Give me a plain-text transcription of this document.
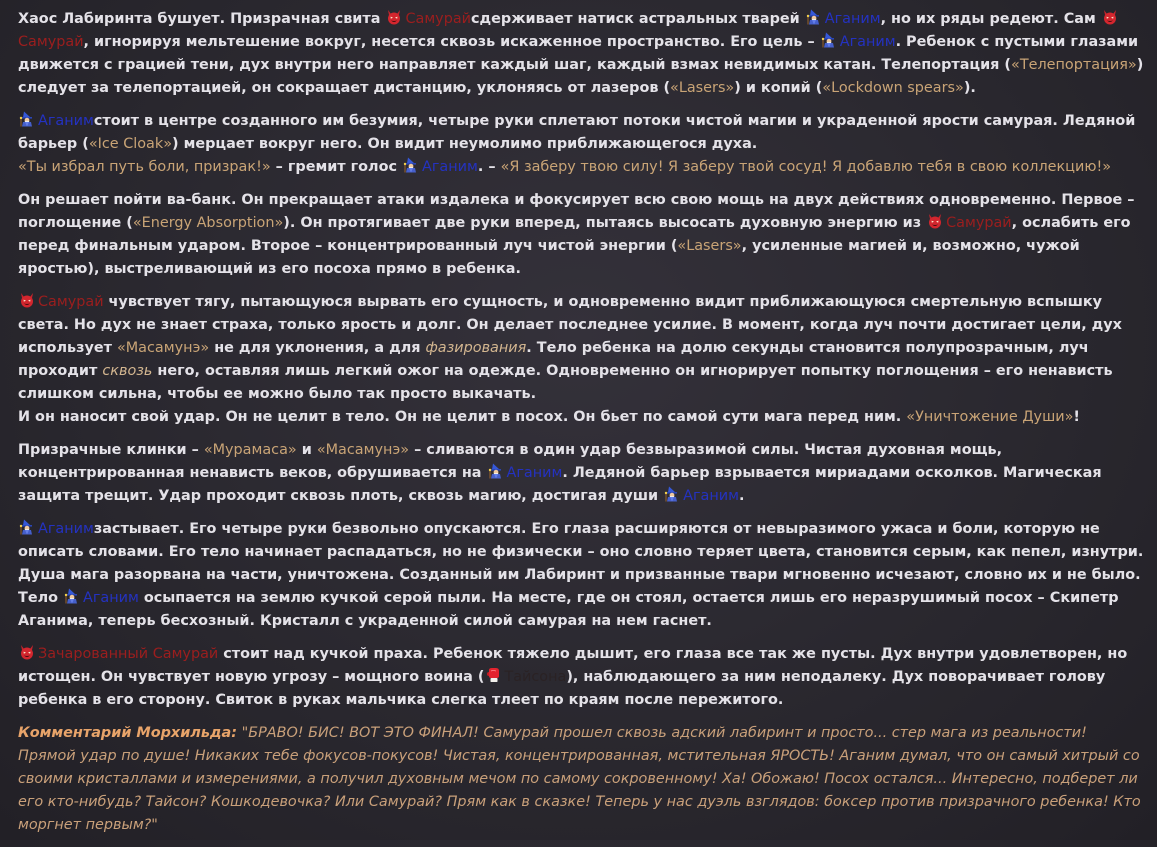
Хаос Лабиринта бушует. Призрачная свита
Самурайсдерживает натиск астральных тварей
Аганим, но их ряды редеют. Сам
Самурай, игнорируя мельтешение вокруг, несется сквозь искаженное пространство. Его цель –
Аганим. Ребенок с пустыми глазами движется с грацией тени, дух внутри него направляет каждый шаг, каждый взмах невидимых катан. Телепортация («Телепортация») следует за телепортацией, он сокращает дистанцию, уклоняясь от лазеров («Lasers») и копий («Lockdown spears»).

Аганимстоит в центре созданного им безумия, четыре руки сплетают потоки чистой магии и украденной ярости самурая. Ледяной барьер («Ice Cloak») мерцает вокруг него. Он видит неумолимо приближающегося духа.

«Ты избрал путь боли, призрак!» – гремит голос
Аганим. – «Я заберу твою силу! Я заберу твой сосуд! Я добавлю тебя в свою коллекцию!»

Он решает пойти ва-банк. Он прекращает атаки издалека и фокусирует всю свою мощь на двух действиях одновременно. Первое – поглощение («Energy Absorption»). Он протягивает две руки вперед, пытаясь высосать духовную энергию из
Самурай, ослабить его перед финальным ударом. Второе – концентрированный луч чистой энергии («Lasers», усиленные магией и, возможно, чужой яростью), выстреливающий из его посоха прямо в ребенка.

Самурай чувствует тягу, пытающуюся вырвать его сущность, и одновременно видит приближающуюся смертельную вспышку света. Но дух не знает страха, только ярость и долг. Он делает последнее усилие. В момент, когда луч почти достигает цели, дух использует «Масамунэ» не для уклонения, а для фазирования. Тело ребенка на долю секунды становится полупрозрачным, луч проходит сквозь него, оставляя лишь легкий ожог на одежде. Одновременно он игнорирует попытку поглощения – его ненависть слишком сильна, чтобы ее можно было так просто выкачать.

И он наносит свой удар. Он не целит в тело. Он не целит в посох. Он бьет по самой сути мага перед ним. «Уничтожение Души»!

Призрачные клинки – «Мурамаса» и «Масамунэ» – сливаются в один удар безвыразимой силы. Чистая духовная мощь, концентрированная ненависть веков, обрушивается на
Аганим. Ледяной барьер взрывается мириадами осколков. Магическая защита трещит. Удар проходит сквозь плоть, сквозь магию, достигая души
Аганим.

Аганимзастывает. Его четыре руки безвольно опускаются. Его глаза расширяются от невыразимого ужаса и боли, которую не описать словами. Его тело начинает распадаться, но не физически – оно словно теряет цвета, становится серым, как пепел, изнутри. Душа мага разорвана на части, уничтожена. Созданный им Лабиринт и призванные твари мгновенно исчезают, словно их и не было. Тело
Аганим осыпается на землю кучкой серой пыли. На месте, где он стоял, остается лишь его неразрушимый посох – Скипетр Аганима, теперь бесхозный. Кристалл с украденной силой самурая на нем гаснет.

Зачарованный Самурай стоит над кучкой праха. Ребенок тяжело дышит, его глаза все так же пусты. Дух внутри удовлетворен, но истощен. Он чувствует новую угрозу – мощного воина ( Тайсона), наблюдающего за ним неподалеку. Дух поворачивает голову ребенка в его сторону. Свиток в руках мальчика слегка тлеет по краям после пережитого.

Комментарий Морхильда: "БРАВО! БИС! ВОТ ЭТО ФИНАЛ! Самурай прошел сквозь адский лабиринт и просто... стер мага из реальности! Прямой удар по душе! Никаких тебе фокусов-покусов! Чистая, концентрированная, мстительная ЯРОСТЬ! Аганим думал, что он самый хитрый со своими кристаллами и измерениями, а получил духовным мечом по самому сокровенному! Ха! Обожаю! Посох остался... Интересно, подберет ли его кто-нибудь? Тайсон? Кошкодевочка? Или Самурай? Прям как в сказке! Теперь у нас дуэль взглядов: боксер против призрачного ребенка! Кто моргнет первым?"
